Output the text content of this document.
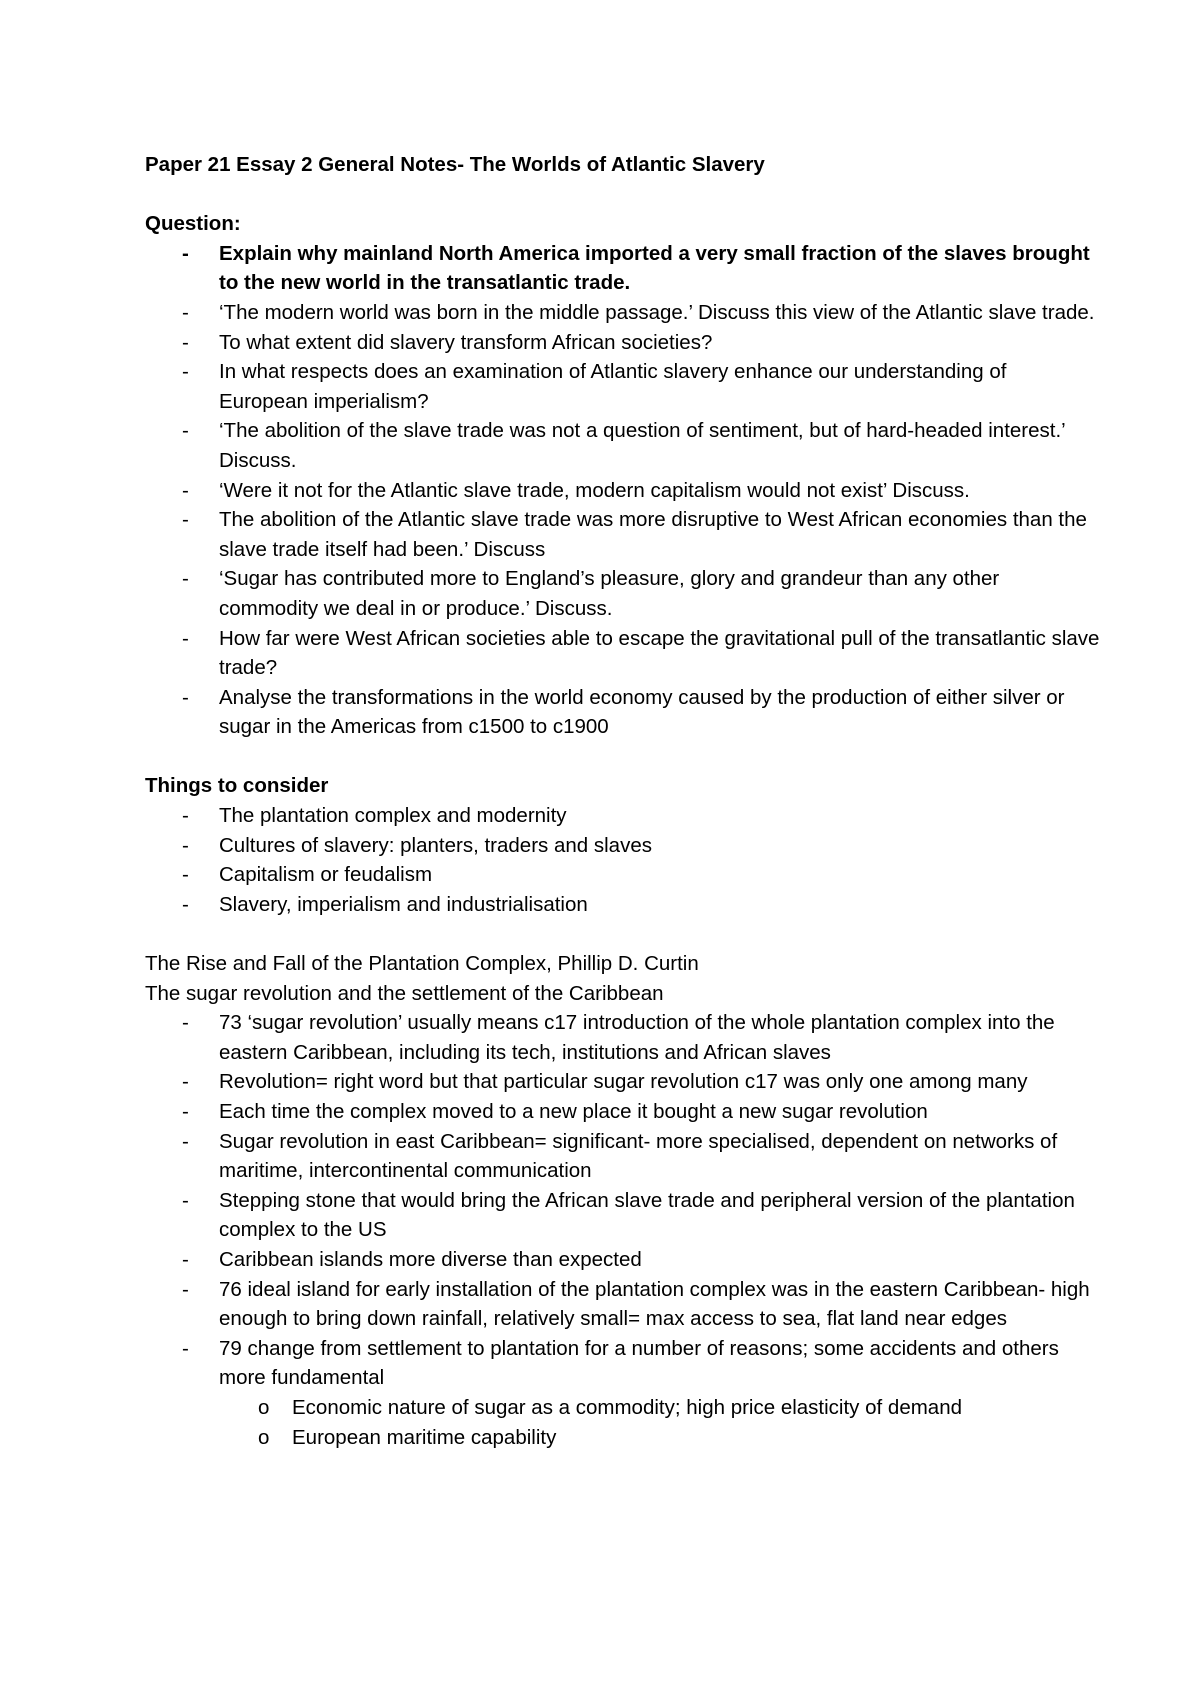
Paper 21 Essay 2 General Notes- The Worlds of Atlantic Slavery

Question:

- Explain why mainland North America imported a very small fraction of the slaves brought to the new world in the transatlantic trade.
- ‘The modern world was born in the middle passage.’ Discuss this view of the Atlantic slave trade.
- To what extent did slavery transform African societies?
- In what respects does an examination of Atlantic slavery enhance our understanding of European imperialism?
- ‘The abolition of the slave trade was not a question of sentiment, but of hard-headed interest.’ Discuss.
- ‘Were it not for the Atlantic slave trade, modern capitalism would not exist’ Discuss.
- The abolition of the Atlantic slave trade was more disruptive to West African economies than the slave trade itself had been.’ Discuss
- ‘Sugar has contributed more to England’s pleasure, glory and grandeur than any other commodity we deal in or produce.’ Discuss.
- How far were West African societies able to escape the gravitational pull of the transatlantic slave trade?
- Analyse the transformations in the world economy caused by the production of either silver or sugar in the Americas from c1500 to c1900

Things to consider

- The plantation complex and modernity
- Cultures of slavery: planters, traders and slaves
- Capitalism or feudalism
- Slavery, imperialism and industrialisation

The Rise and Fall of the Plantation Complex, Phillip D. Curtin

The sugar revolution and the settlement of the Caribbean

- 73 ‘sugar revolution’ usually means c17 introduction of the whole plantation complex into the eastern Caribbean, including its tech, institutions and African slaves
- Revolution= right word but that particular sugar revolution c17 was only one among many
- Each time the complex moved to a new place it bought a new sugar revolution
- Sugar revolution in east Caribbean= significant- more specialised, dependent on networks of maritime, intercontinental communication
- Stepping stone that would bring the African slave trade and peripheral version of the plantation complex to the US
- Caribbean islands more diverse than expected
- 76 ideal island for early installation of the plantation complex was in the eastern Caribbean- high enough to bring down rainfall, relatively small= max access to sea, flat land near edges
- 79 change from settlement to plantation for a number of reasons; some accidents and others more fundamental
o Economic nature of sugar as a commodity; high price elasticity of demand
o European maritime capability
